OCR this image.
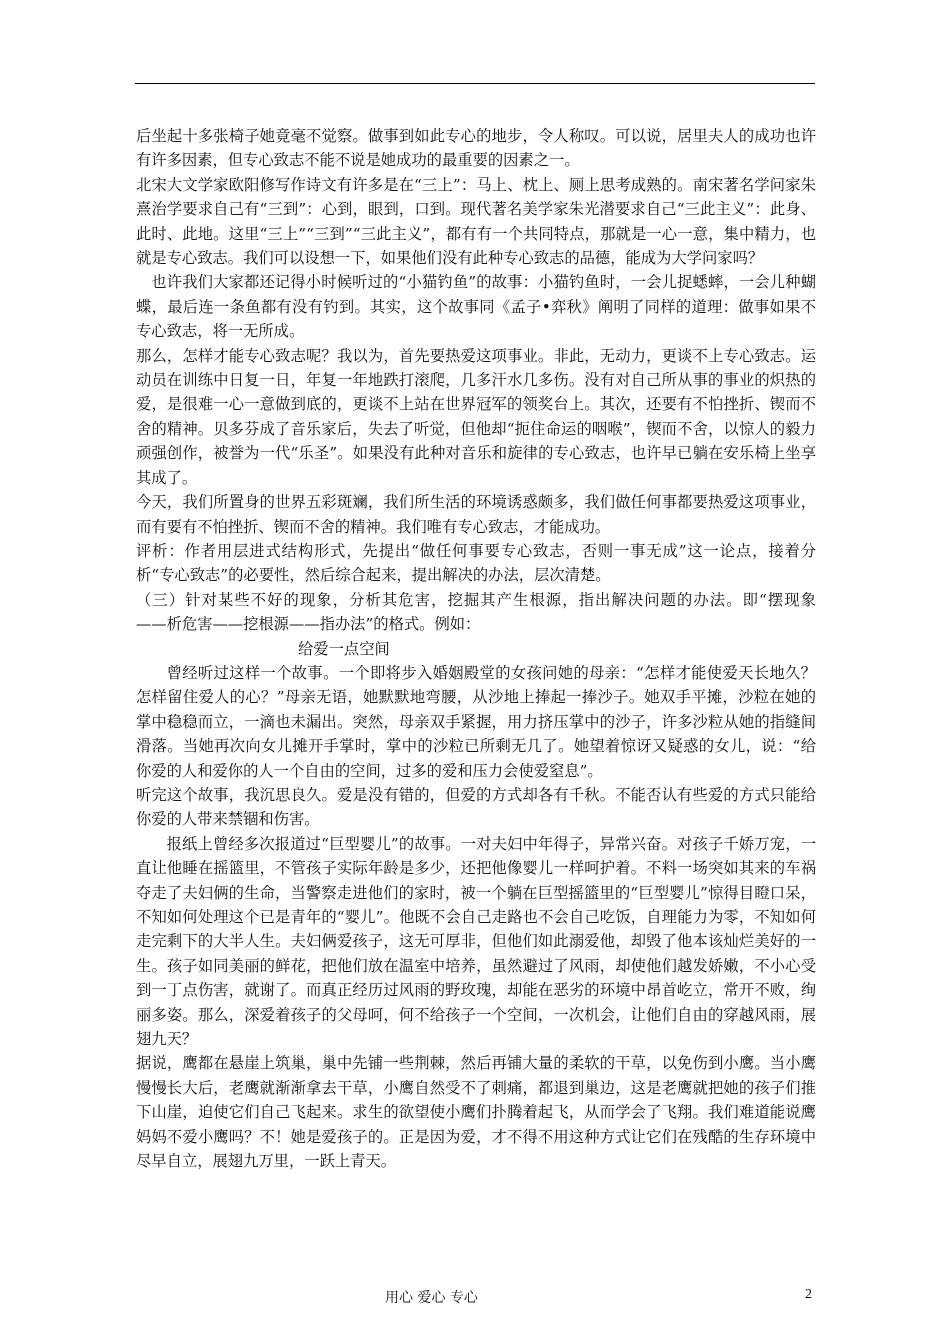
后坐起十多张椅子她竟毫不觉察。做事到如此专心的地步，令人称叹。可以说，居里夫人的成功也许有许多因素，但专心致志不能不说是她成功的最重要的因素之一。

北宋大文学家欧阳修写作诗文有许多是在“三上”：马上、枕上、厕上思考成熟的。南宋著名学问家朱熹治学要求自己有“三到”：心到，眼到，口到。现代著名美学家朱光潜要求自己“三此主义”：此身、此时、此地。这里“三上”“三到”“三此主义”，都有有一个共同特点，那就是一心一意，集中精力，也就是专心致志。我们可以设想一下，如果他们没有此种专心致志的品德，能成为大学问家吗？

也许我们大家都还记得小时候听过的“小猫钓鱼”的故事：小猫钓鱼时，一会儿捉蟋蟀，一会儿种蝴蝶，最后连一条鱼都有没有钓到。其实，这个故事同《孟子•弈秋》阐明了同样的道理：做事如果不专心致志，将一无所成。

那么，怎样才能专心致志呢？我以为，首先要热爱这项事业。非此，无动力，更谈不上专心致志。运动员在训练中日复一日，年复一年地跌打滚爬，几多汗水几多伤。没有对自己所从事的事业的炽热的爱，是很难一心一意做到底的，更谈不上站在世界冠军的领奖台上。其次，还要有不怕挫折、锲而不舍的精神。贝多芬成了音乐家后，失去了听觉，但他却“扼住命运的咽喉”，锲而不舍，以惊人的毅力顽强创作，被誉为一代“乐圣”。如果没有此种对音乐和旋律的专心致志，也许早已躺在安乐椅上坐享其成了。

今天，我们所置身的世界五彩斑斓，我们所生活的环境诱惑颇多，我们做任何事都要热爱这项事业，而有要有不怕挫折、锲而不舍的精神。我们唯有专心致志，才能成功。

评析：作者用层进式结构形式，先提出“做任何事要专心致志，否则一事无成”这一论点，接着分析“专心致志”的必要性，然后综合起来，提出解决的办法，层次清楚。

（三）针对某些不好的现象，分析其危害，挖掘其产生根源，指出解决问题的办法。即“摆现象　——析危害——挖根源——指办法”的格式。例如：

给爱一点空间

曾经听过这样一个故事。一个即将步入婚姻殿堂的女孩问她的母亲：“怎样才能使爱天长地久？怎样留住爱人的心？”母亲无语，她默默地弯腰，从沙地上捧起一捧沙子。她双手平摊，沙粒在她的掌中稳稳而立，一滴也未漏出。突然，母亲双手紧握，用力挤压掌中的沙子，许多沙粒从她的指缝间滑落。当她再次向女儿摊开手掌时，掌中的沙粒已所剩无几了。她望着惊讶又疑惑的女儿，说：“给你爱的人和爱你的人一个自由的空间，过多的爱和压力会使爱窒息”。

听完这个故事，我沉思良久。爱是没有错的，但爱的方式却各有千秋。不能否认有些爱的方式只能给你爱的人带来禁锢和伤害。

报纸上曾经多次报道过“巨型婴儿”的故事。一对夫妇中年得子，异常兴奋。对孩子千娇万宠，一直让他睡在摇篮里，不管孩子实际年龄是多少，还把他像婴儿一样呵护着。不料一场突如其来的车祸夺走了夫妇俩的生命，当警察走进他们的家时，被一个躺在巨型摇篮里的“巨型婴儿”惊得目瞪口呆，不知如何处理这个已是青年的“婴儿”。他既不会自己走路也不会自己吃饭，自理能力为零，不知如何走完剩下的大半人生。夫妇俩爱孩子，这无可厚非，但他们如此溺爱他，却毁了他本该灿烂美好的一生。孩子如同美丽的鲜花，把他们放在温室中培养，虽然避过了风雨，却使他们越发娇嫩，不小心受到一丁点伤害，就谢了。而真正经历过风雨的野玫瑰，却能在恶劣的环境中昂首屹立，常开不败，绚丽多姿。那么，深爱着孩子的父母呵，何不给孩子一个空间，一次机会，让他们自由的穿越风雨，展翅九天？

据说，鹰都在悬崖上筑巢，巢中先铺一些荆棘，然后再铺大量的柔软的干草，以免伤到小鹰。当小鹰慢慢长大后，老鹰就渐渐拿去干草，小鹰自然受不了刺痛，都退到巢边，这是老鹰就把她的孩子们推下山崖，迫使它们自己飞起来。求生的欲望使小鹰们扑腾着起飞，从而学会了飞翔。我们难道能说鹰妈妈不爱小鹰吗？不！她是爱孩子的。正是因为爱，才不得不用这种方式让它们在残酷的生存环境中尽早自立，展翅九万里，一跃上青天。

用心 爱心 专心	2
